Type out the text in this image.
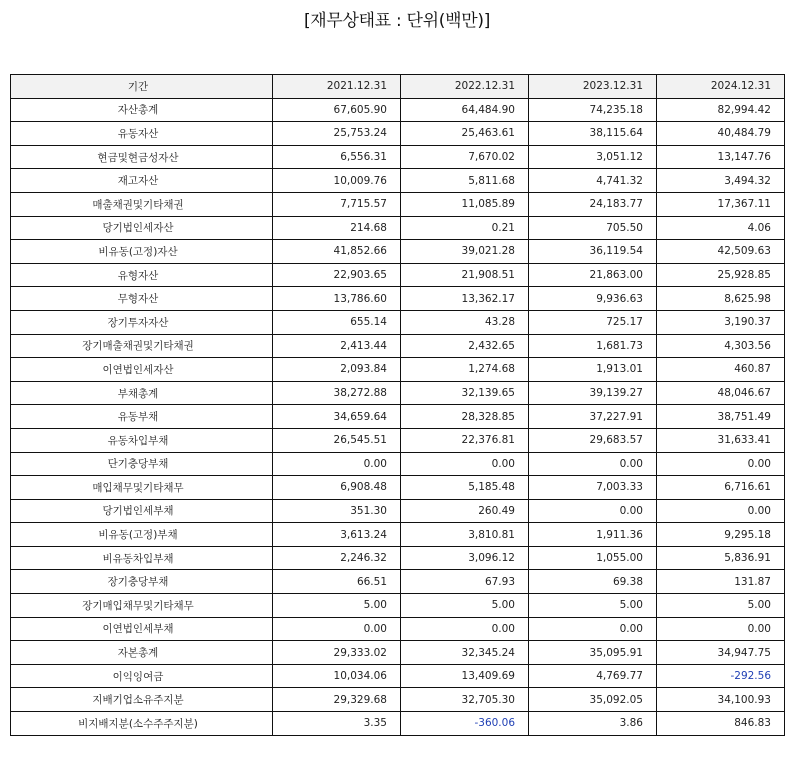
[재무상태표 : 단위(백만)]
기간	2021.12.31	2022.12.31	2023.12.31	2024.12.31
자산총계	67,605.90	64,484.90	74,235.18	82,994.42
유동자산	25,753.24	25,463.61	38,115.64	40,484.79
현금및현금성자산	6,556.31	7,670.02	3,051.12	13,147.76
재고자산	10,009.76	5,811.68	4,741.32	3,494.32
매출채권및기타채권	7,715.57	11,085.89	24,183.77	17,367.11
당기법인세자산	214.68	0.21	705.50	4.06
비유동(고정)자산	41,852.66	39,021.28	36,119.54	42,509.63
유형자산	22,903.65	21,908.51	21,863.00	25,928.85
무형자산	13,786.60	13,362.17	9,936.63	8,625.98
장기투자자산	655.14	43.28	725.17	3,190.37
장기매출채권및기타채권	2,413.44	2,432.65	1,681.73	4,303.56
이연법인세자산	2,093.84	1,274.68	1,913.01	460.87
부채총계	38,272.88	32,139.65	39,139.27	48,046.67
유동부채	34,659.64	28,328.85	37,227.91	38,751.49
유동차입부채	26,545.51	22,376.81	29,683.57	31,633.41
단기충당부채	0.00	0.00	0.00	0.00
매입채무및기타채무	6,908.48	5,185.48	7,003.33	6,716.61
당기법인세부채	351.30	260.49	0.00	0.00
비유동(고정)부채	3,613.24	3,810.81	1,911.36	9,295.18
비유동차입부채	2,246.32	3,096.12	1,055.00	5,836.91
장기충당부채	66.51	67.93	69.38	131.87
장기매입채무및기타채무	5.00	5.00	5.00	5.00
이연법인세부채	0.00	0.00	0.00	0.00
자본총계	29,333.02	32,345.24	35,095.91	34,947.75
이익잉여금	10,034.06	13,409.69	4,769.77	-292.56
지배기업소유주지분	29,329.68	32,705.30	35,092.05	34,100.93
비지배지분(소수주주지분)	3.35	-360.06	3.86	846.83
